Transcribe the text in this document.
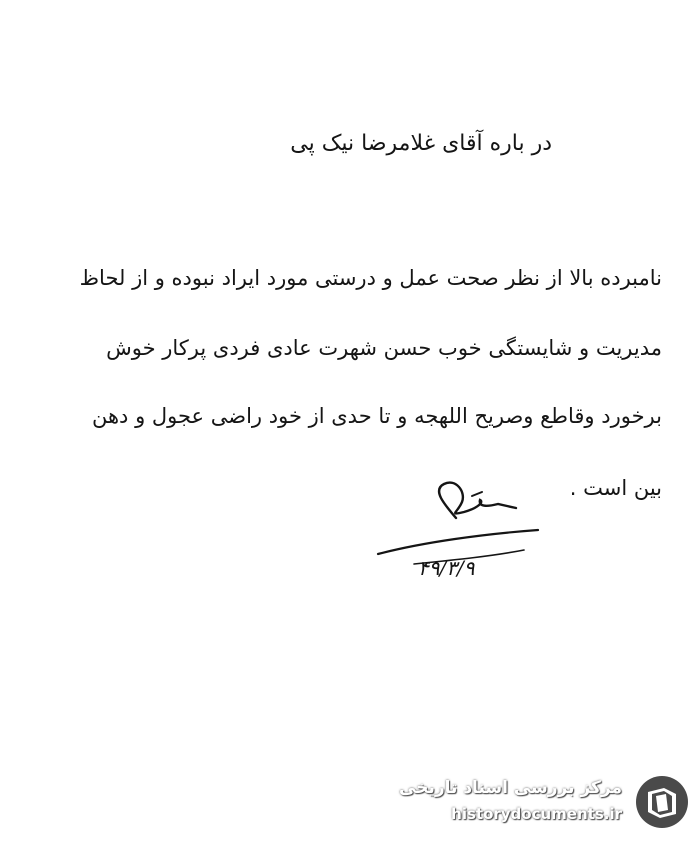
در باره آقای غلامرضا نیک پی
نامبرده بالا از نظر صحت عمل و درستی مورد ایراد نبوده و از لحاظ
مدیریت و شایستگی خوب حسن شهرت عادی فردی پرکار خوش
برخورد وقاطع وصریح اللهجه و تا حدی از خود راضی عجول و دهن
بین است .
۴۹/۳/۹
مرکز بررسی اسناد تاریخی
historydocuments.ir
